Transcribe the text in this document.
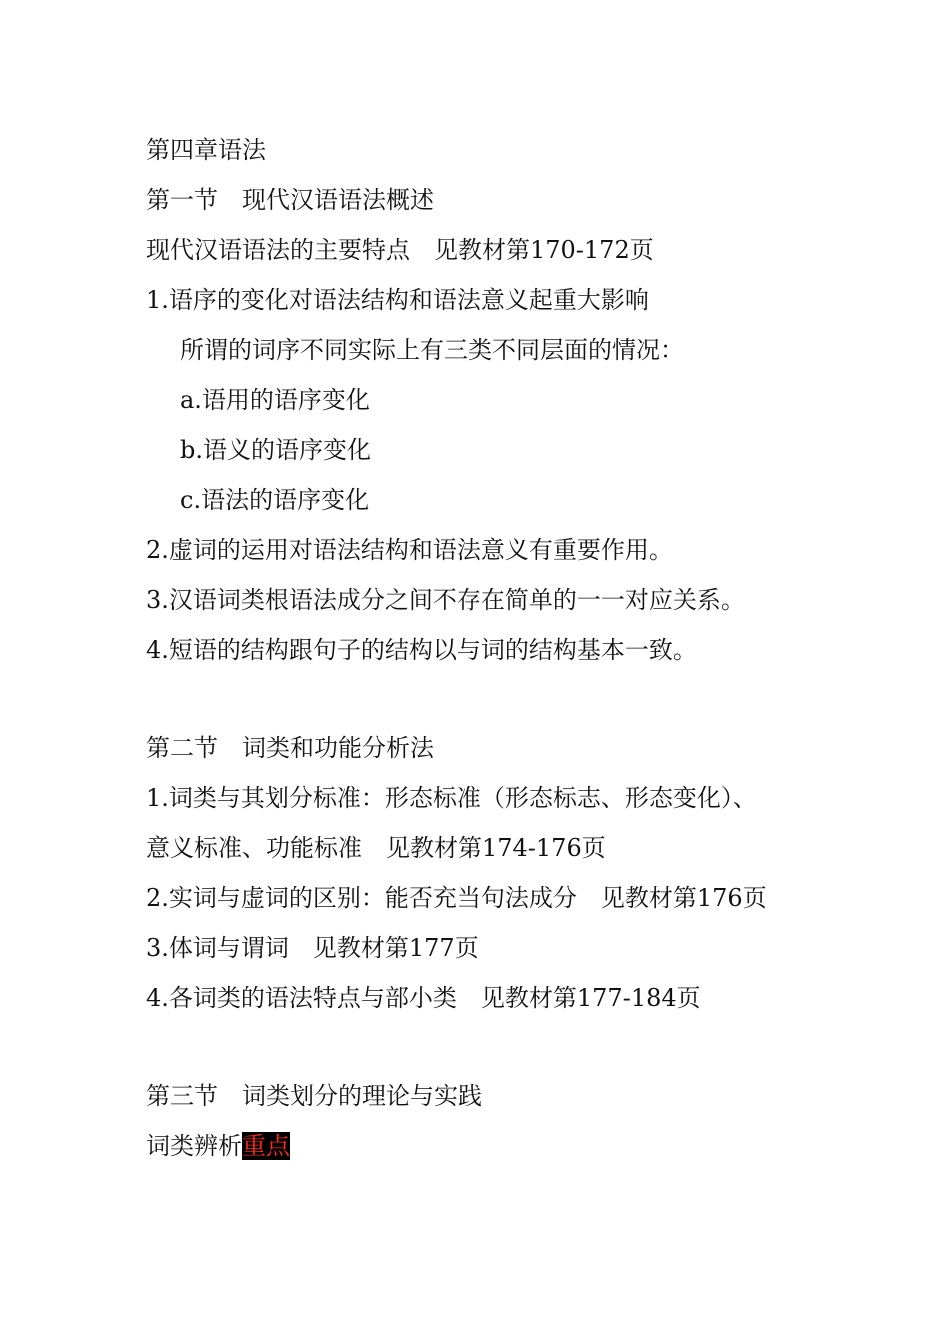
第四章语法
第一节　现代汉语语法概述
现代汉语语法的主要特点　见教材第170-172页
1.语序的变化对语法结构和语法意义起重大影响
所谓的词序不同实际上有三类不同层面的情况：
a.语用的语序变化
b.语义的语序变化
c.语法的语序变化
2.虚词的运用对语法结构和语法意义有重要作用。
3.汉语词类根语法成分之间不存在简单的一一对应关系。
4.短语的结构跟句子的结构以与词的结构基本一致。
第二节　词类和功能分析法
1.词类与其划分标准：形态标准（形态标志、形态变化）、
意义标准、功能标准　见教材第174-176页
2.实词与虚词的区别：能否充当句法成分　见教材第176页
3.体词与谓词　见教材第177页
4.各词类的语法特点与部小类　见教材第177-184页
第三节　词类划分的理论与实践
词类辨析重点
